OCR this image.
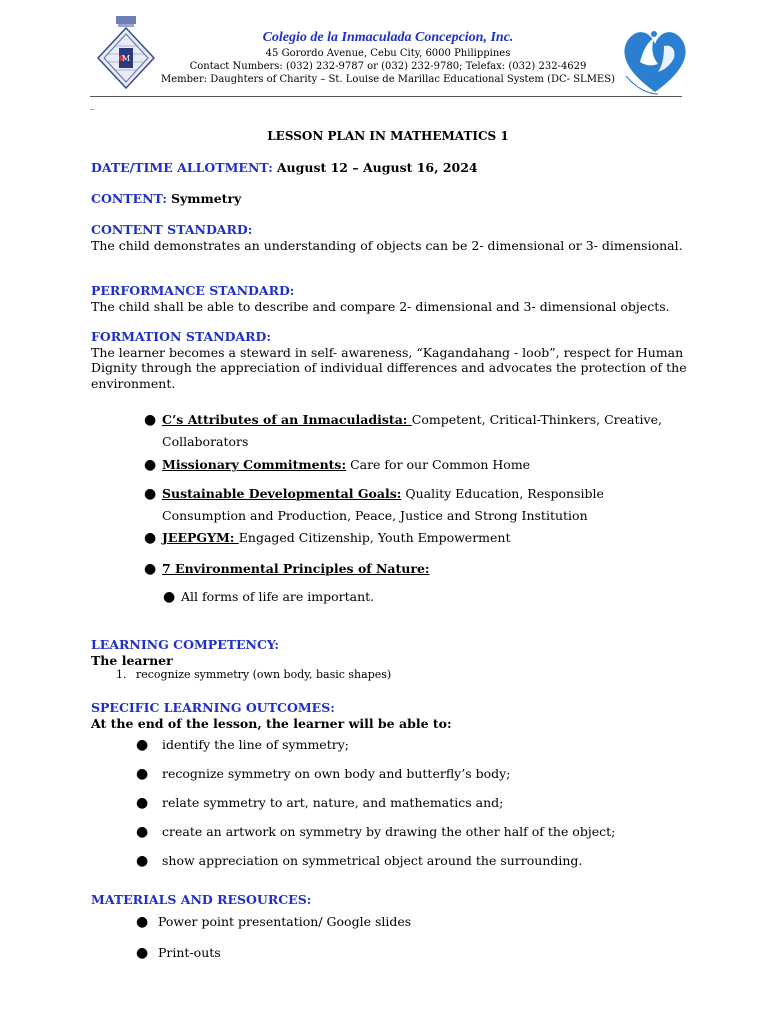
M
Colegio de la Inmaculada Concepcion, Inc.
45 Gorordo Avenue, Cebu City, 6000 Philippines
Contact Numbers: (032) 232-9787 or (032) 232-9780; Telefax: (032) 232-4629
Member: Daughters of Charity – St. Louise de Marillac Educational System (DC- SLMES)
_
LESSON PLAN IN MATHEMATICS 1
DATE/TIME ALLOTMENT: August 12 – August 16, 2024
CONTENT: Symmetry
CONTENT STANDARD:
The child demonstrates an understanding of objects can be 2- dimensional or 3- dimensional.
PERFORMANCE STANDARD:
The child shall be able to describe and compare 2- dimensional and 3- dimensional objects.
FORMATION STANDARD:
The learner becomes a steward in self- awareness, “Kagandahang - loob”, respect for Human Dignity through the appreciation of individual differences and advocates the protection of the environment.
● C’s Attributes of an Inmaculadista: Competent, Critical-Thinkers, Creative, Collaborators
● Missionary Commitments: Care for our Common Home
● Sustainable Developmental Goals: Quality Education, Responsible Consumption and Production, Peace, Justice and Strong Institution
● JEEPGYM: Engaged Citizenship, Youth Empowerment
● 7 Environmental Principles of Nature:
● All forms of life are important.
LEARNING COMPETENCY:
The learner
1. recognize symmetry (own body, basic shapes)
SPECIFIC LEARNING OUTCOMES:
At the end of the lesson, the learner will be able to:
● identify the line of symmetry;
● recognize symmetry on own body and butterfly’s body;
● relate symmetry to art, nature, and mathematics and;
● create an artwork on symmetry by drawing the other half of the object;
● show appreciation on symmetrical object around the surrounding.
MATERIALS AND RESOURCES:
● Power point presentation/ Google slides
● Print-outs
